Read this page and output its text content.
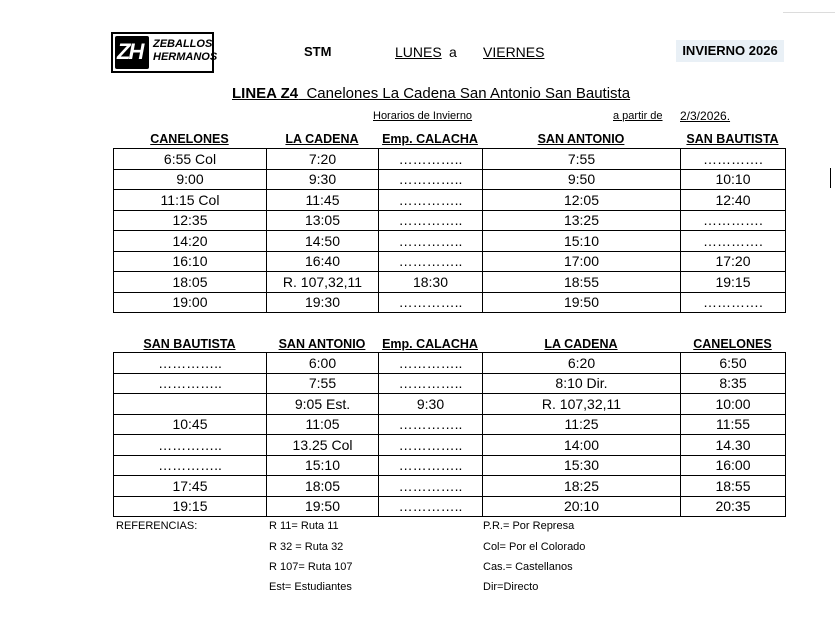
ZH ZEBALLOS
HERMANOS	STM	LUNES a VIERNES	INVIERNO 2026
LINEA Z4 Canelones La Cadena San Antonio San Bautista
Horarios de Invierno	a partir de 2/3/2026.
CANELONES	LA CADENA	Emp. CALACHA	SAN ANTONIO	SAN BAUTISTA
6:55 Col	7:20	…………..	7:55	………….
9:00	9:30	…………..	9:50	10:10
11:15 Col	11:45	…………..	12:05	12:40
12:35	13:05	…………..	13:25	………….
14:20	14:50	…………..	15:10	………….
16:10	16:40	…………..	17:00	17:20
18:05	R. 107,32,11	18:30	18:55	19:15
19:00	19:30	…………..	19:50	………….
SAN BAUTISTA	SAN ANTONIO	Emp. CALACHA	LA CADENA	CANELONES
…………..	6:00	…………..	6:20	6:50
…………..	7:55	…………..	8:10 Dir.	8:35
	9:05 Est.	9:30	R. 107,32,11	10:00
10:45	11:05	…………..	11:25	11:55
…………..	13.25 Col	…………..	14:00	14.30
…………..	15:10	…………..	15:30	16:00
17:45	18:05	…………..	18:25	18:55
19:15	19:50	…………..	20:10	20:35
REFERENCIAS:	R 11= Ruta 11
R 32 = Ruta 32
R 107= Ruta 107
Est= Estudiantes
P.R.= Por Represa
Col= Por el Colorado
Cas.= Castellanos
Dir=Directo
